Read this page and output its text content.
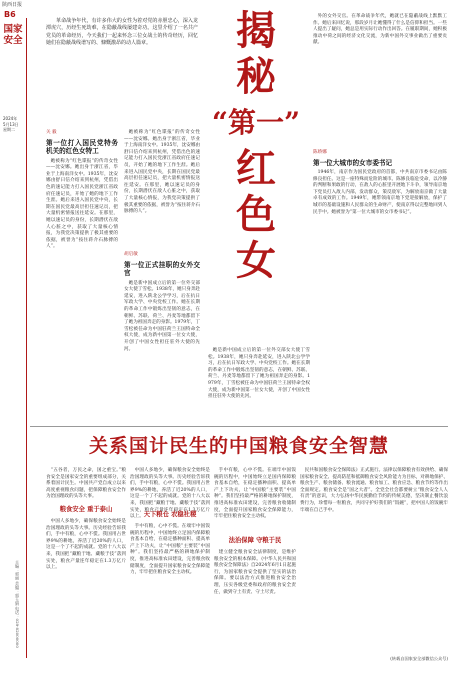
陕西日报
B6
国家
安全
2024年
5月13日
星期二
主编：郭丽 美编：郭玉娟 电话：029-82000000

革命战争年代，有许多伟大的女性为着对党的赤胆忠心，深入龙潭虎穴，历经生死劫难，在隐蔽战线屡建奇功。这里介绍了一名共产党员的革命经历，今天我们一起来怀念三位女战士的传奇经历，回忆她们在隐蔽战线谱写的、慷慨激昂的动人篇章。

关 毅
第一位打入国民党特务机关的红色女特工

她被称为“红色谍报”的传奇女性——沈安娜。她出身于浙江省，毕业于上海南洋女中。1935年，沈安娜由舒曰信介绍来到杭州，凭借出色的速记能力打入国民党浙江省政府任速记员，开始了她的地下工作生涯。她后来进入国民党中央，长期在国民党最高层担任速记员，把大量机密情报送往延安。在那里，她以速记员的身份，长期潜伏在敌人心脏之中，获取了大量核心情报，为我党决策提供了极其重要的依据，被誉为“按住蒋介石脉搏的人”。

她被称为“红色谍报”的传奇女性——沈安娜。她出身于浙江省，毕业于上海南洋女中。1935年，沈安娜由舒曰信介绍来到杭州，凭借出色的速记能力打入国民党浙江省政府任速记员，开始了她的地下工作生涯。她后来进入国民党中央，长期在国民党最高层担任速记员，把大量机密情报送往延安。在那里，她以速记员的身份，长期潜伏在敌人心脏之中，获取了大量核心情报，为我党决策提供了极其重要的依据，被誉为“按住蒋介石脉搏的人”。

胡启敏
第一位正式挂职的女外交官

她是新中国成立后的第一位外交部女大使丁雪松。1938年，她只身奔赴延安，进入陕北公学学习，后在抗日军政大学、中央党校工作。她在长期的革命工作中锻炼出坚韧的意志，在朝鲜、苏联、荷兰、丹麦等地都留下了她为祖国奔走的身影。1979年，丁雪松被任命为中国驻荷兰王国特命全权大使，成为新中国第一位女大使，开创了中国女性担任驻外大使的先河。

揭
秘
“第一”
红
色
女

她是新中国成立后的第一位外交部女大使丁雪松。1938年，她只身奔赴延安，进入陕北公学学习，后在抗日军政大学、中央党校工作。她在长期的革命工作中锻炼出坚韧的意志，在朝鲜、苏联、荷兰、丹麦等地都留下了她为祖国奔走的身影。1979年，丁雪松被任命为中国驻荷兰王国特命全权大使，成为新中国第一位女大使，开创了中国女性担任驻外大使的先河。

外的女外交官。在革命战争年代，她就已在隐蔽战线上默默工作。她后来回忆说，那段岁月让她懂得了什么是信仰和担当。一些人提出了疑问，她总是用实际行动作出回答。在履职期间，她积极推动中荷之间的经济文化交流，为新中国外交事业做出了重要贡献。

陈娇娜
第一位大城市的女市委书记

1946年，南京作为国民党政府的首都，中共南京市委书记由陈修良担任。这是一座特殊而危险的城市。陈修良临危受命，以冷静的判断和果敢的行动，在敌人的心脏里开展地下斗争，领导南京地下党员打入敌人内部，发动群众，策反敌军，为解放南京做了大量卓有成效的工作。1949年，她带领南京地下党迎接解放，保护了城市的基础设施和人民群众的生命财产，使南京得以完整地回到人民手中。她被誉为“第一位大城市的女市委书记”。

关系国计民生的中国粮食安全智慧

“五谷者，万民之命，国之重宝。”粮食安全是国家安全的重要组成部分，关系着国计民生。中国共产党自成立以来高度重视粮食问题，把保障粮食安全作为治国理政的头等大事。

粮食安全 重于泰山

中国人多地少，确保粮食安全始终是治国理政的头等大事。历史经验告诉我们，手中有粮，心中不慌。我国用占世界9%的耕地，养活了近20%的人口，这是一个了不起的成就。党的十八大以来，我国把“藏粮于地、藏粮于技”落到实处，粮食产量连年稳定在1.3万亿斤以上。

中国人多地少，确保粮食安全始终是治国理政的头等大事。历史经验告诉我们，手中有粮，心中不慌。我国用占世界9%的耕地，养活了近20%的人口，这是一个了不起的成就。党的十八大以来，我国把“藏粮于地、藏粮于技”落到实处，粮食产量连年稳定在1.3万亿斤以上。 天下粮仓 农稳社稷

手中有粮，心中不慌。在端牢中国饭碗的历程中，中国始终立足国内保障粮食基本自给，在稳定播种面积、提高单产上下功夫，让“中国粮”主要装“中国种”。我们坚持最严格的耕地保护制度，推进高标准农田建设，完善粮食收储制度，全面提升国家粮食安全保障能力，牢牢把住粮食安全主动权。

手中有粮，心中不慌。在端牢中国饭碗的历程中，中国始终立足国内保障粮食基本自给，在稳定播种面积、提高单产上下功夫，让“中国粮”主要装“中国种”。我们坚持最严格的耕地保护制度，推进高标准农田建设，完善粮食收储制度，全面提升国家粮食安全保障能力，牢牢把住粮食安全主动权。

法治保障 守粮于民

建立健全粮食安全法律制度，是维护粮食安全的根本保障。《中华人民共和国粮食安全保障法》自2024年6月1日起施行，为国家粮食安全提供了坚实的法治保障。要以法治方式推进粮食安全治理，压实各级党委和政府的粮食安全责任，做到守土有责、守土尽责。

民共和国粮食安全保障法》正式施行。法律以保障粮食有效供给、确保国家粮食安全、提高防范和抵御粮食安全风险能力为目标，对耕地保护、粮食生产、粮食储备、粮食流通、粮食加工、粮食应急、粮食节约等作出全面规定。粮食安全是“国之大者”。全党全社会都要树立“粮食安全人人有责”的意识，大力弘扬中华民族勤俭节约的传统美德，坚决制止餐饮浪费行为，珍惜每一粒粮食，共同守护好我们的“饭碗”，把中国人的饭碗牢牢端在自己手中。

(转载自国家安全部微信公众号)
